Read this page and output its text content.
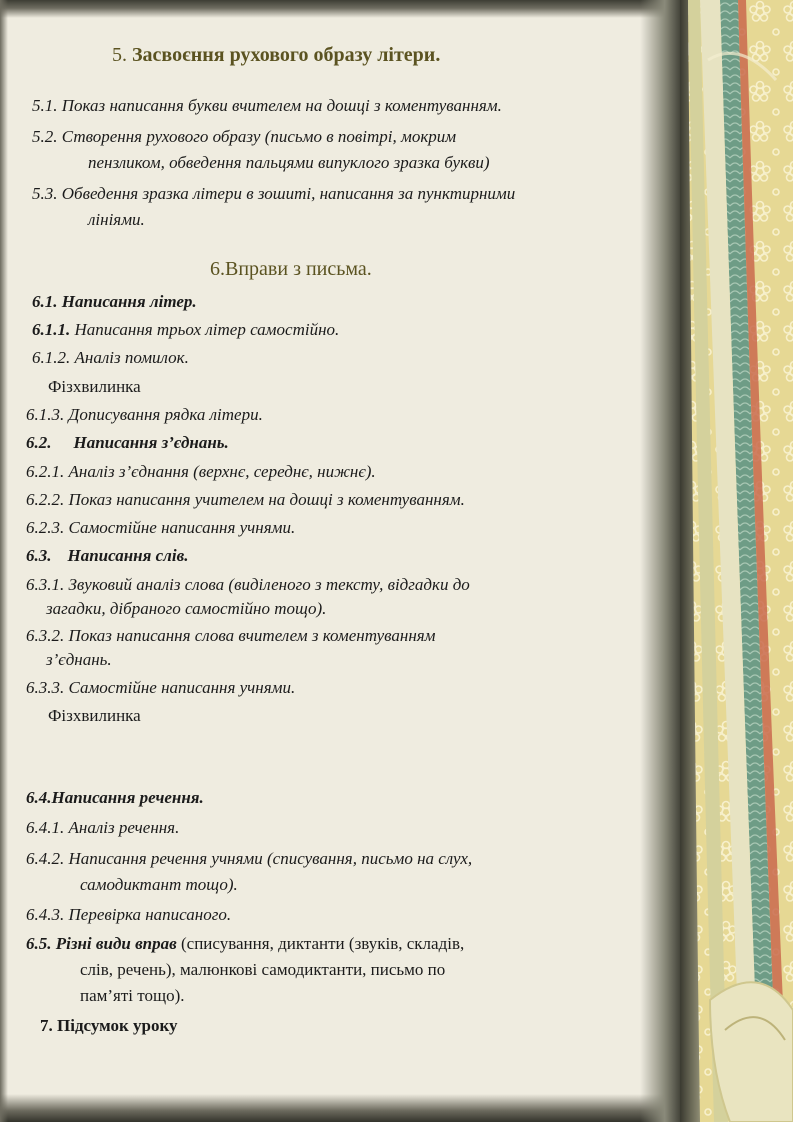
5. Засвоєння рухового образу літери.
5.1. Показ написання букви вчителем на дошці з коментуванням.
5.2. Створення рухового образу (письмо в повітрі, мокрим
пензликом, обведення пальцями випуклого зразка букви)
5.3. Обведення зразка літери в зошиті, написання за пунктирними
лініями.
6.Вправи з письма.
6.1. Написання літер.
6.1.1. Написання трьох літер самостійно.
6.1.2. Аналіз помилок.
Фізхвилинка
6.1.3. Дописування рядка літери.
6.2. Написання з’єднань.
6.2.1. Аналіз з’єднання (верхнє, середнє, нижнє).
6.2.2. Показ написання учителем на дошці з коментуванням.
6.2.3. Самостійне написання учнями.
6.3. Написання слів.
6.3.1. Звуковий аналіз слова (виділеного з тексту, відгадки до
загадки, дібраного самостійно тощо).
6.3.2. Показ написання слова вчителем з коментуванням
з’єднань.
6.3.3. Самостійне написання учнями.
Фізхвилинка
6.4.Написання речення.
6.4.1. Аналіз речення.
6.4.2. Написання речення учнями (списування, письмо на слух,
самодиктант тощо).
6.4.3. Перевірка написаного.
6.5. Різні види вправ (списування, диктанти (звуків, складів,
слів, речень), малюнкові самодиктанти, письмо по
пам’яті тощо).
7. Підсумок уроку
